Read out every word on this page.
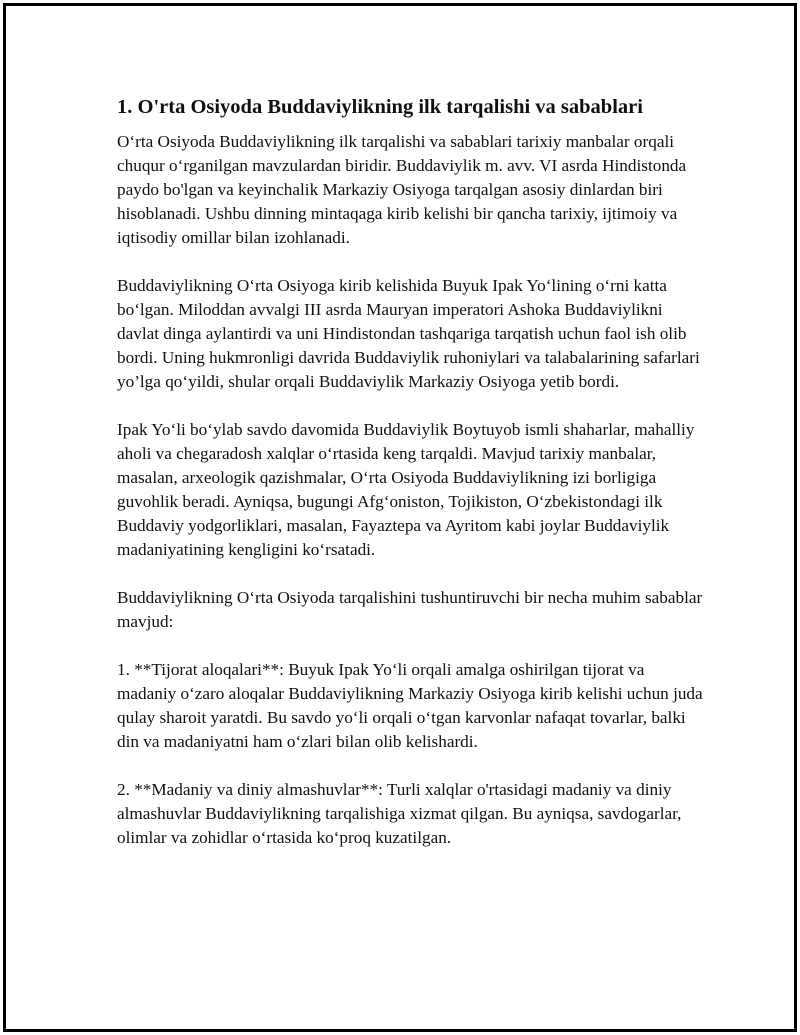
1. O'rta Osiyoda Buddaviylikning ilk tarqalishi va sabablari

O‘rta Osiyoda Buddaviylikning ilk tarqalishi va sabablari tarixiy manbalar orqali chuqur o‘rganilgan mavzulardan biridir. Buddaviylik m. avv. VI asrda Hindistonda paydo bo'lgan va keyinchalik Markaziy Osiyoga tarqalgan asosiy dinlardan biri hisoblanadi. Ushbu dinning mintaqaga kirib kelishi bir qancha tarixiy, ijtimoiy va iqtisodiy omillar bilan izohlanadi.

Buddaviylikning O‘rta Osiyoga kirib kelishida Buyuk Ipak Yo‘lining o‘rni katta bo‘lgan. Miloddan avvalgi III asrda Mauryan imperatori Ashoka Buddaviylikni davlat dinga aylantirdi va uni Hindistondan tashqariga tarqatish uchun faol ish olib bordi. Uning hukmronligi davrida Buddaviylik ruhoniylari va talabalarining safarlari yo’lga qo‘yildi, shular orqali Buddaviylik Markaziy Osiyoga yetib bordi.

Ipak Yo‘li bo‘ylab savdo davomida Buddaviylik Boytuyob ismli shaharlar, mahalliy aholi va chegaradosh xalqlar o‘rtasida keng tarqaldi. Mavjud tarixiy manbalar, masalan, arxeologik qazishmalar, O‘rta Osiyoda Buddaviylikning izi borligiga guvohlik beradi. Ayniqsa, bugungi Afg‘oniston, Tojikiston, O‘zbekistondagi ilk Buddaviy yodgorliklari, masalan, Fayaztepa va Ayritom kabi joylar Buddaviylik madaniyatining kengligini ko‘rsatadi.

Buddaviylikning O‘rta Osiyoda tarqalishini tushuntiruvchi bir necha muhim sabablar mavjud:

1. **Tijorat aloqalari**: Buyuk Ipak Yo‘li orqali amalga oshirilgan tijorat va madaniy o‘zaro aloqalar Buddaviylikning Markaziy Osiyoga kirib kelishi uchun juda qulay sharoit yaratdi. Bu savdo yo‘li orqali o‘tgan karvonlar nafaqat tovarlar, balki din va madaniyatni ham o‘zlari bilan olib kelishardi.

2. **Madaniy va diniy almashuvlar**: Turli xalqlar o'rtasidagi madaniy va diniy almashuvlar Buddaviylikning tarqalishiga xizmat qilgan. Bu ayniqsa, savdogarlar, olimlar va zohidlar o‘rtasida ko‘proq kuzatilgan.
